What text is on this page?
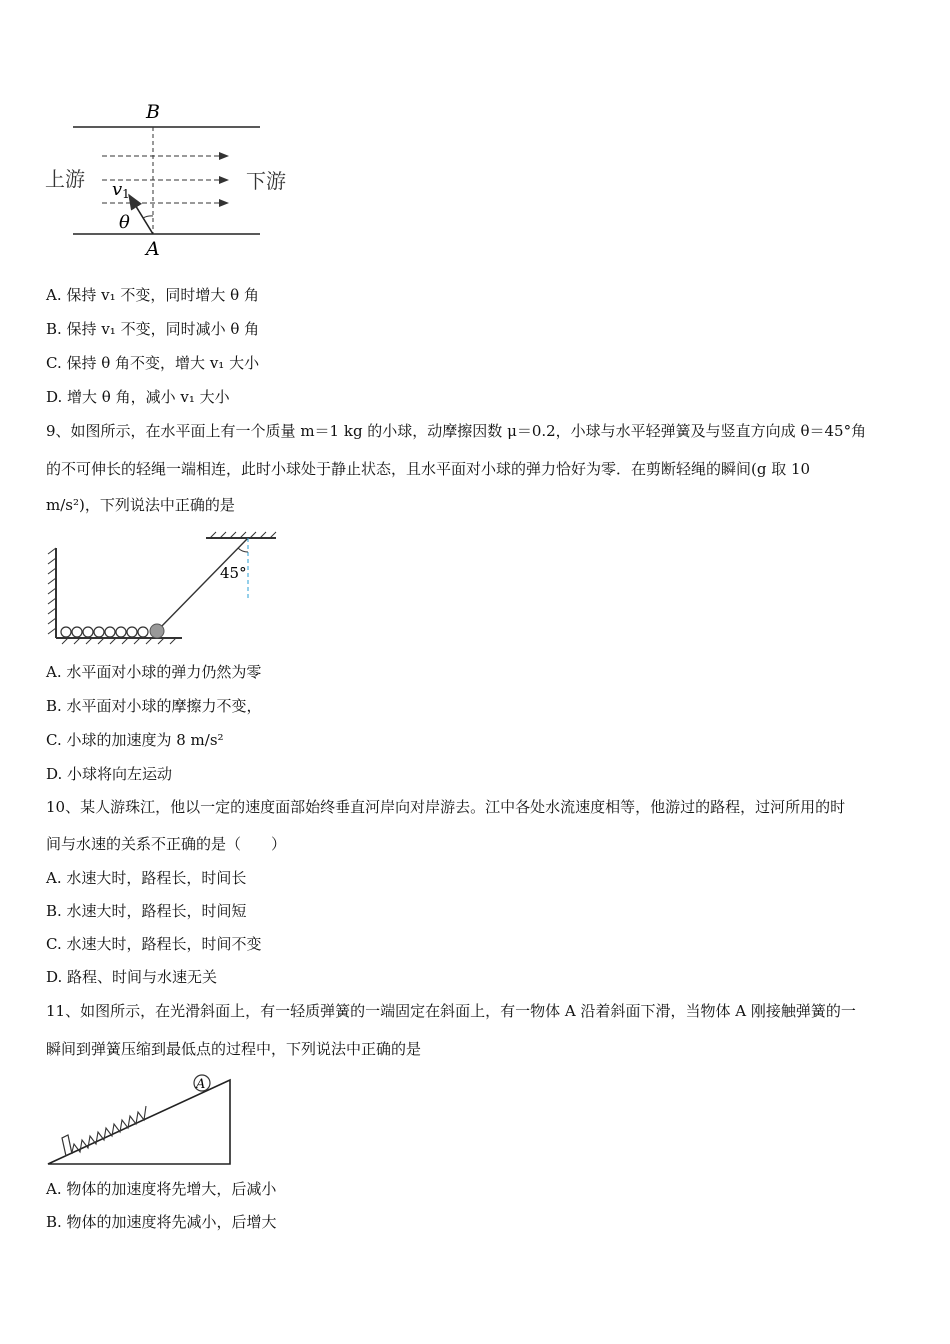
B
A
上游	下游
v1
θ
A. 保持 v₁ 不变，同时增大 θ 角
B. 保持 v₁ 不变，同时减小 θ 角
C. 保持 θ 角不变，增大 v₁ 大小
D. 增大 θ 角，减小 v₁ 大小
9、如图所示，在水平面上有一个质量 m＝1 kg 的小球，动摩擦因数 μ＝0.2，小球与水平轻弹簧及与竖直方向成 θ＝45°角
的不可伸长的轻绳一端相连，此时小球处于静止状态，且水平面对小球的弹力恰好为零．在剪断轻绳的瞬间(g 取 10
m/s²)，下列说法中正确的是
45°
A. 水平面对小球的弹力仍然为零
B. 水平面对小球的摩擦力不变，
C. 小球的加速度为 8 m/s²
D. 小球将向左运动
10、某人游珠江，他以一定的速度面部始终垂直河岸向对岸游去。江中各处水流速度相等，他游过的路程，过河所用的时
间与水速的关系不正确的是（　　）
A. 水速大时，路程长，时间长
B. 水速大时，路程长，时间短
C. 水速大时，路程长，时间不变
D. 路程、时间与水速无关
11、如图所示，在光滑斜面上，有一轻质弹簧的一端固定在斜面上，有一物体 A 沿着斜面下滑，当物体 A 刚接触弹簧的一
瞬间到弹簧压缩到最低点的过程中，下列说法中正确的是
A
A. 物体的加速度将先增大，后减小
B. 物体的加速度将先减小，后增大
